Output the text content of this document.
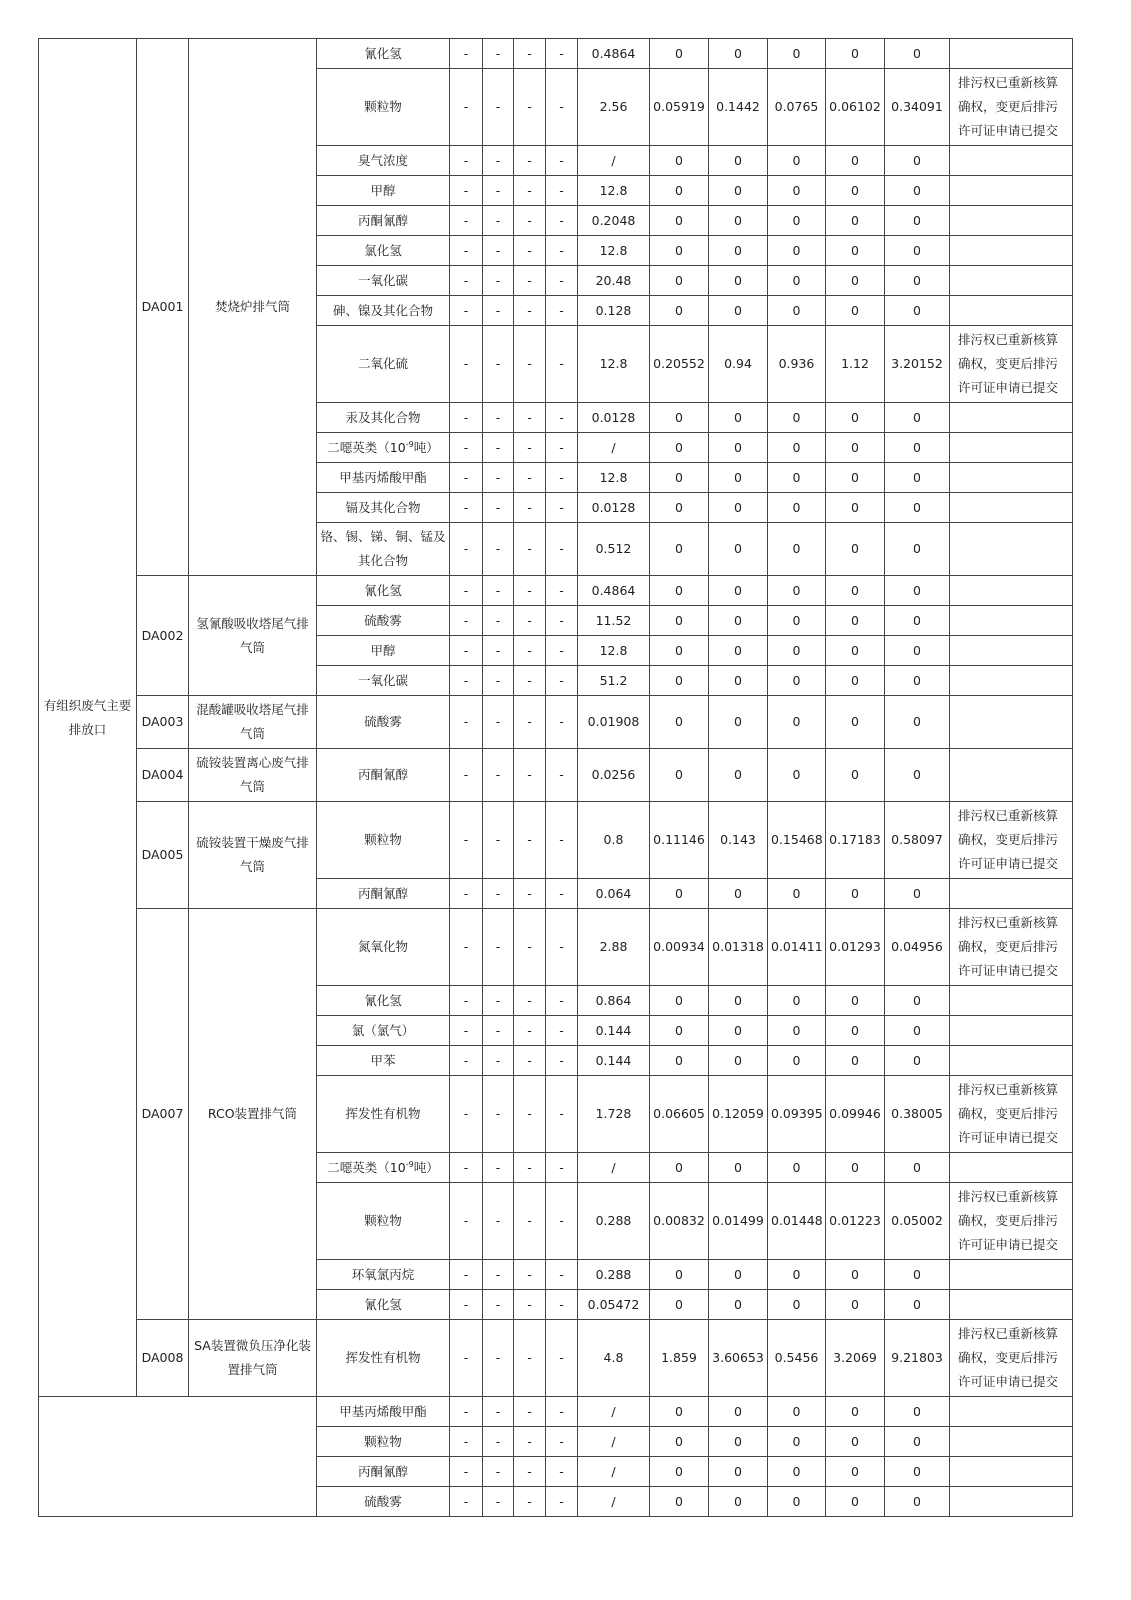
有组织废气主要排放口	DA001	焚烧炉排气筒	氰化氢	-	-	-	-	0.4864	0	0	0	0	0	
			颗粒物	-	-	-	-	2.56	0.05919	0.1442	0.0765	0.06102	0.34091	排污权已重新核算确权，变更后排污许可证申请已提交
			臭气浓度	-	-	-	-	/	0	0	0	0	0	
			甲醇	-	-	-	-	12.8	0	0	0	0	0	
			丙酮氰醇	-	-	-	-	0.2048	0	0	0	0	0	
			氯化氢	-	-	-	-	12.8	0	0	0	0	0	
			一氧化碳	-	-	-	-	20.48	0	0	0	0	0	
			砷、镍及其化合物	-	-	-	-	0.128	0	0	0	0	0	
			二氧化硫	-	-	-	-	12.8	0.20552	0.94	0.936	1.12	3.20152	排污权已重新核算确权，变更后排污许可证申请已提交
			汞及其化合物	-	-	-	-	0.0128	0	0	0	0	0	
			二噁英类（$10^{-9}$吨）	-	-	-	-	/	0	0	0	0	0	
			甲基丙烯酸甲酯	-	-	-	-	12.8	0	0	0	0	0	
			镉及其化合物	-	-	-	-	0.0128	0	0	0	0	0	
			铬、锡、锑、铜、锰及其化合物	-	-	-	-	0.512	0	0	0	0	0	
	DA002	氢氰酸吸收塔尾气排气筒	氰化氢	-	-	-	-	0.4864	0	0	0	0	0	
			硫酸雾	-	-	-	-	11.52	0	0	0	0	0	
			甲醇	-	-	-	-	12.8	0	0	0	0	0	
			一氧化碳	-	-	-	-	51.2	0	0	0	0	0	
	DA003	混酸罐吸收塔尾气排气筒	硫酸雾	-	-	-	-	0.01908	0	0	0	0	0	
	DA004	硫铵装置离心废气排气筒	丙酮氰醇	-	-	-	-	0.0256	0	0	0	0	0	
	DA005	硫铵装置干燥废气排气筒	颗粒物	-	-	-	-	0.8	0.11146	0.143	0.15468	0.17183	0.58097	排污权已重新核算确权，变更后排污许可证申请已提交
			丙酮氰醇	-	-	-	-	0.064	0	0	0	0	0	
	DA007	RCO装置排气筒	氮氧化物	-	-	-	-	2.88	0.00934	0.01318	0.01411	0.01293	0.04956	排污权已重新核算确权，变更后排污许可证申请已提交
			氰化氢	-	-	-	-	0.864	0	0	0	0	0	
			氯（氯气）	-	-	-	-	0.144	0	0	0	0	0	
			甲苯	-	-	-	-	0.144	0	0	0	0	0	
			挥发性有机物	-	-	-	-	1.728	0.06605	0.12059	0.09395	0.09946	0.38005	排污权已重新核算确权，变更后排污许可证申请已提交
			二噁英类（$10^{-9}$吨）	-	-	-	-	/	0	0	0	0	0	
			颗粒物	-	-	-	-	0.288	0.00832	0.01499	0.01448	0.01223	0.05002	排污权已重新核算确权，变更后排污许可证申请已提交
			环氧氯丙烷	-	-	-	-	0.288	0	0	0	0	0	
			氰化氢	-	-	-	-	0.05472	0	0	0	0	0	
	DA008	SA装置微负压净化装置排气筒	挥发性有机物	-	-	-	-	4.8	1.859	3.60653	0.5456	3.2069	9.21803	排污权已重新核算确权，变更后排污许可证申请已提交
			甲基丙烯酸甲酯	-	-	-	-	/	0	0	0	0	0	
			颗粒物	-	-	-	-	/	0	0	0	0	0	
			丙酮氰醇	-	-	-	-	/	0	0	0	0	0	
			硫酸雾	-	-	-	-	/	0	0	0	0	0	
